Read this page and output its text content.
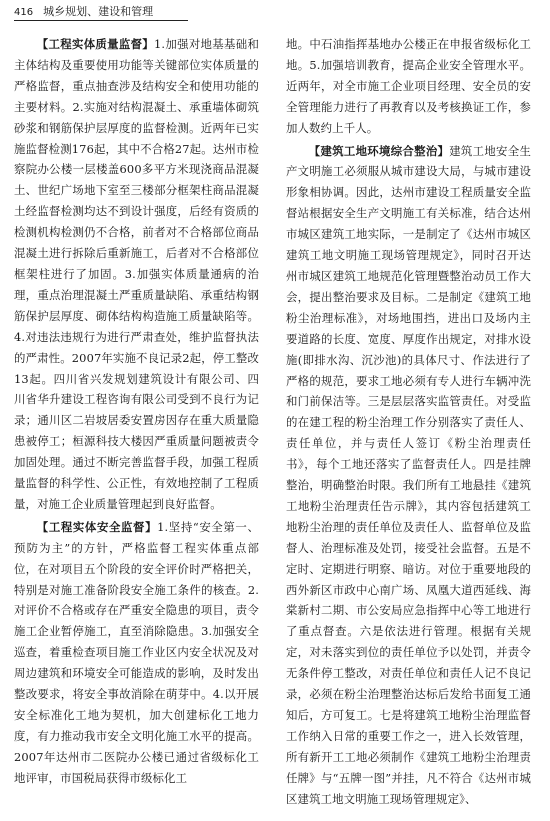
416 城乡规划、建设和管理

【工程实体质量监督】1.加强对地基基础和主体结构及重要使用功能等关键部位实体质量的严格监督，重点抽查涉及结构安全和使用功能的主要材料。2.实施对结构混凝土、承重墙体砌筑砂浆和钢筋保护层厚度的监督检测。近两年已实施监督检测176起，其中不合格27起。达州市检察院办公楼一层楼盖600多平方米现浇商品混凝土、世纪广场地下室至三楼部分框架柱商品混凝土经监督检测均达不到设计强度，后经有资质的检测机构检测仍不合格，前者对不合格部位商品混凝土进行拆除后重新施工，后者对不合格部位框架柱进行了加固。3.加强实体质量通病的治理，重点治理混凝土严重质量缺陷、承重结构钢筋保护层厚度、砌体结构构造施工质量缺陷等。4.对违法违规行为进行严肃查处，维护监督执法的严肃性。2007年实施不良记录2起，停工整改13起。四川省兴发规划建筑设计有限公司、四川省华升建设工程咨询有限公司受到不良行为记录；通川区二岩坡居委安置房因存在重大质量隐患被停工；桓源科技大楼因严重质量问题被责令加固处理。通过不断完善监督手段，加强工程质量监督的科学性、公正性，有效地控制了工程质量，对施工企业质量管理起到良好监督。

【工程实体安全监督】1.坚持“安全第一、预防为主”的方针，严格监督工程实体重点部位，在对项目五个阶段的安全评价时严格把关，特别是对施工准备阶段安全施工条件的核查。2.对评价不合格或存在严重安全隐患的项目，责令施工企业暂停施工，直至消除隐患。3.加强安全巡查，着重检查项目施工作业区内安全状况及对周边建筑和环境安全可能造成的影响，及时发出整改要求，将安全事故消除在萌芽中。4.以开展安全标准化工地为契机，加大创建标化工地力度，有力推动我市安全文明化施工水平的提高。2007年达州市二医院办公楼已通过省级标化工地评审，市国税局获得市级标化工

地。中石油指挥基地办公楼正在申报省级标化工地。5.加强培训教育，提高企业安全管理水平。近两年，对全市施工企业项目经理、安全员的安全管理能力进行了再教育以及考核换证工作，参加人数约上千人。

【建筑工地环境综合整治】建筑工地安全生产文明施工必须服从城市建设大局，与城市建设形象相协调。因此，达州市建设工程质量安全监督站根据安全生产文明施工有关标准，结合达州市城区建筑工地实际，一是制定了《达州市城区建筑工地文明施工现场管理规定》，同时召开达州市城区建筑工地规范化管理暨整治动员工作大会，提出整治要求及目标。二是制定《建筑工地粉尘治理标准》，对场地围挡，进出口及场内主要道路的长度、宽度、厚度作出规定，对排水设施(即排水沟、沉沙池)的具体尺寸、作法进行了严格的规范，要求工地必须有专人进行车辆冲洗和门前保洁等。三是层层落实监管责任。对受监的在建工程的粉尘治理工作分别落实了责任人、责任单位，并与责任人签订《粉尘治理责任书》，每个工地还落实了监督责任人。四是挂牌整治，明确整治时限。我们所有工地悬挂《建筑工地粉尘治理责任告示牌》，其内容包括建筑工地粉尘治理的责任单位及责任人、监督单位及监督人、治理标准及处罚，接受社会监督。五是不定时、定期进行明察、暗访。对位于重要地段的西外新区市政中心南广场、凤凰大道西延线、海棠新村二期、市公安局应急指挥中心等工地进行了重点督查。六是依法进行管理。根据有关规定，对未落实到位的责任单位予以处罚，并责令无条件停工整改，对责任单位和责任人记不良记录，必须在粉尘治理整治达标后发给书面复工通知后，方可复工。七是将建筑工地粉尘治理监督工作纳入日常的重要工作之一，进入长效管理，所有新开工工地必须制作《建筑工地粉尘治理责任牌》与“五牌一图”并挂，凡不符合《达州市城区建筑工地文明施工现场管理规定》、
